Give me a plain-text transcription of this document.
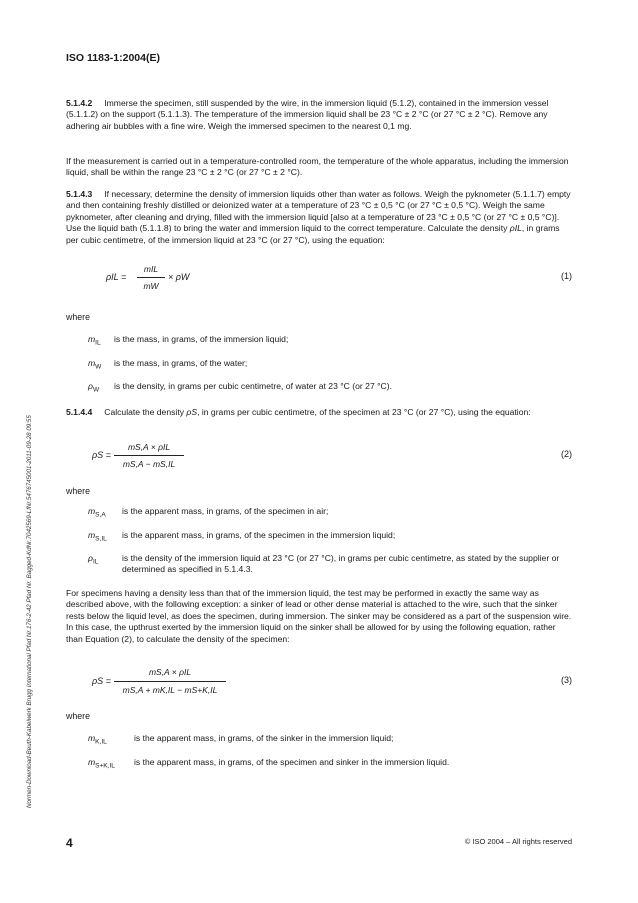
ISO 1183-1:2004(E)
5.1.4.2 Immerse the specimen, still suspended by the wire, in the immersion liquid (5.1.2), contained in the immersion vessel (5.1.1.2) on the support (5.1.1.3). The temperature of the immersion liquid shall be 23 °C ± 2 °C (or 27 °C ± 2 °C). Remove any adhering air bubbles with a fine wire. Weigh the immersed specimen to the nearest 0,1 mg.
If the measurement is carried out in a temperature-controlled room, the temperature of the whole apparatus, including the immersion liquid, shall be within the range 23 °C ± 2 °C (or 27 °C ± 2 °C).
5.1.4.3 If necessary, determine the density of immersion liquids other than water as follows. Weigh the pyknometer (5.1.1.7) empty and then containing freshly distilled or deionized water at a temperature of 23 °C ± 0,5 °C (or 27 °C ± 0,5 °C). Weigh the same pyknometer, after cleaning and drying, filled with the immersion liquid [also at a temperature of 23 °C ± 0,5 °C (or 27 °C ± 0,5 °C)]. Use the liquid bath (5.1.1.8) to bring the water and immersion liquid to the correct temperature. Calculate the density ρIL, in grams per cubic centimetre, of the immersion liquid at 23 °C (or 27 °C), using the equation:
ρIL =
mIL
mW
× ρW	(1)
where
$m_{IL}$ is the mass, in grams, of the immersion liquid;
$m_W$ is the mass, in grams, of the water;
$\rho_W$ is the density, in grams per cubic centimetre, of water at 23 °C (or 27 °C).
5.1.4.4 Calculate the density ρS, in grams per cubic centimetre, of the specimen at 23 °C (or 27 °C), using the equation:
ρS =
mS,A × ρIL
mS,A − mS,IL
(2)
where
$m_{S,A}$ is the apparent mass, in grams, of the specimen in air;
$m_{S,IL}$ is the apparent mass, in grams, of the specimen in the immersion liquid;
$\rho_{IL}$	is the density of the immersion liquid at 23 °C (or 27 °C), in grams per cubic centimetre, as stated by the supplier or determined as specified in 5.1.4.3.
For specimens having a density less than that of the immersion liquid, the test may be performed in exactly the same way as described above, with the following exception: a sinker of lead or other dense material is attached to the wire, such that the sinker rests below the liquid level, as does the specimen, during immersion. The sinker may be considered as a part of the suspension wire. In this case, the upthrust exerted by the immersion liquid on the sinker shall be allowed for by using the following equation, rather than Equation (2), to calculate the density of the specimen:
ρS =
mS,A × ρIL
mS,A + mK,IL − mS+K,IL
(3)
where
$m_{K,IL}$	is the apparent mass, in grams, of the sinker in the immersion liquid;
$m_{S+K,IL}$ is the apparent mass, in grams, of the specimen and sinker in the immersion liquid.
4	© ISO 2004 – All rights reserved
Normen-Download-Beuth-Kabelwerk Brugg International Pfad Nr.176-2-42 Pfad Nr. Bagged-KdNr.7042569-LfNr.5476745001-2011-09-28 09:55
